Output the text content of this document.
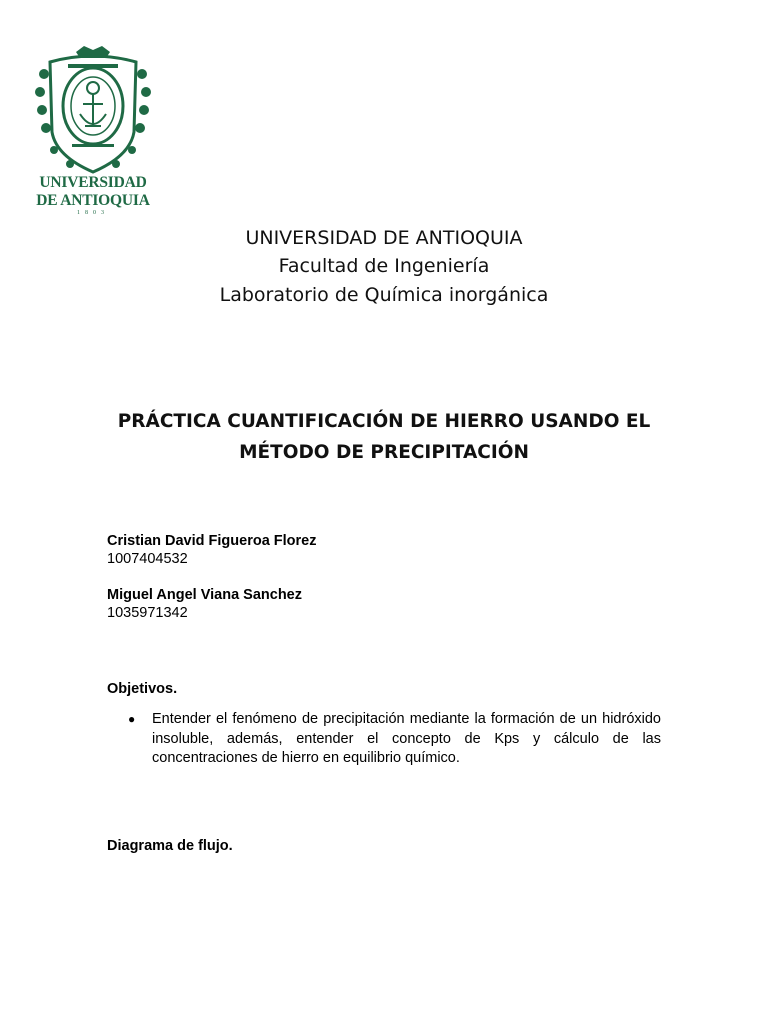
UNIVERSIDAD
DE ANTIOQUIA
1803
UNIVERSIDAD DE ANTIOQUIA
Facultad de Ingeniería
Laboratorio de Química inorgánica
PRÁCTICA CUANTIFICACIÓN DE HIERRO USANDO EL
MÉTODO DE PRECIPITACIÓN
Cristian David Figueroa Florez
1007404532
Miguel Angel Viana Sanchez
1035971342
Objetivos.
● Entender el fenómeno de precipitación mediante la formación de un hidróxido insoluble, además, entender el concepto de Kps y cálculo de las concentraciones de hierro en equilibrio químico.
Diagrama de flujo.
